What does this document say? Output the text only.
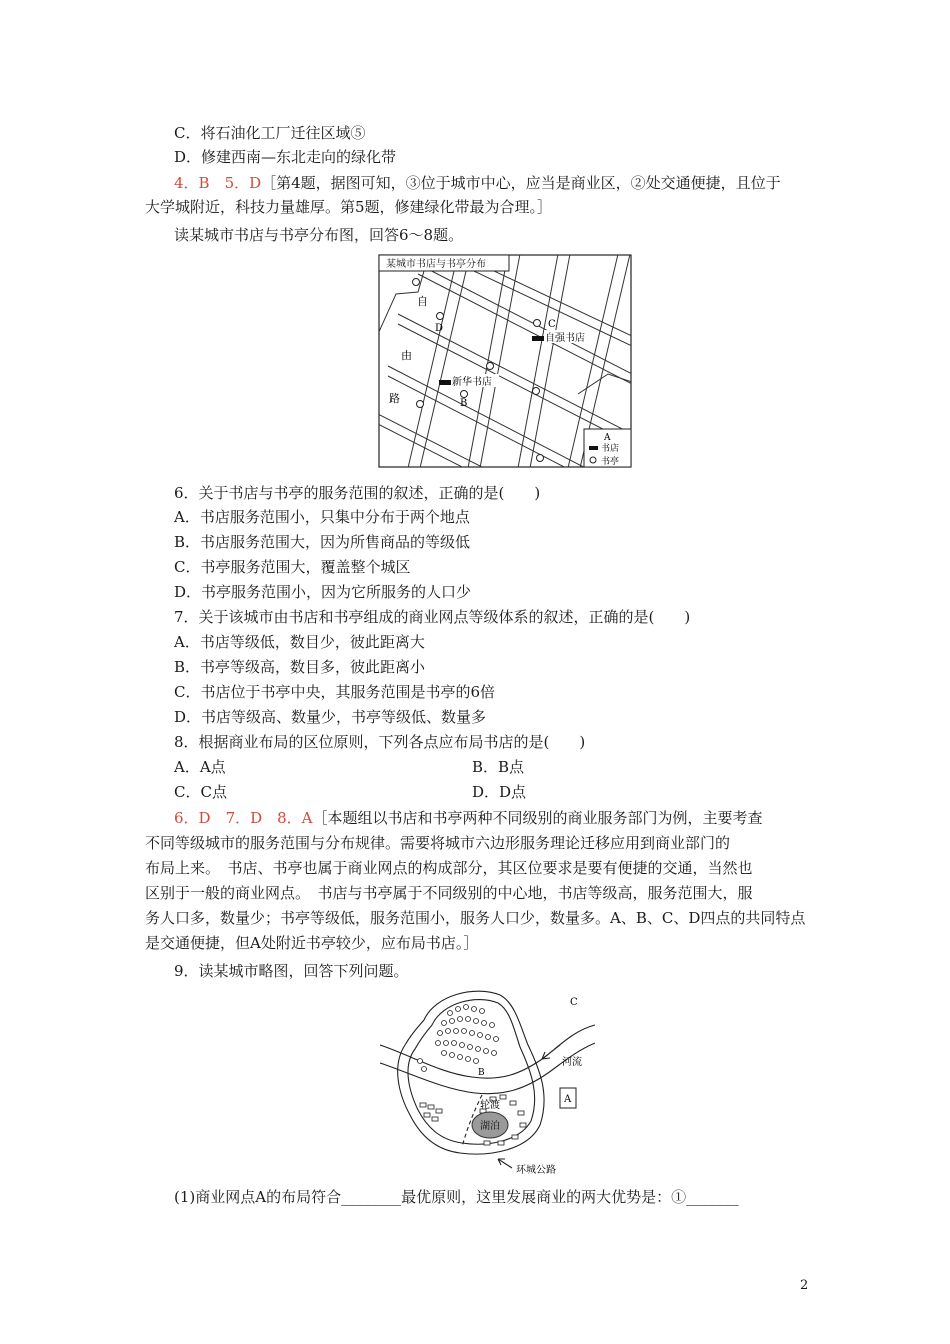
C．将石油化工厂迁往区域⑤
D．修建西南—东北走向的绿化带
4．B　5．D［第4题，据图可知，③位于城市中心，应当是商业区，②处交通便捷，且位于
大学城附近，科技力量雄厚。第5题，修建绿化带最为合理。］
读某城市书店与书亭分布图，回答6～8题。
某城市书店与书亭分布
自
由
路
D	C
B
自强书店
新华书店
A
书店
书亭
6．关于书店与书亭的服务范围的叙述，正确的是(　　)
A．书店服务范围小，只集中分布于两个地点
B．书店服务范围大，因为所售商品的等级低
C．书亭服务范围大，覆盖整个城区
D．书亭服务范围小，因为它所服务的人口少
7．关于该城市由书店和书亭组成的商业网点等级体系的叙述，正确的是(　　)
A．书店等级低，数目少，彼此距离大
B．书亭等级高，数目多，彼此距离小
C．书店位于书亭中央，其服务范围是书亭的6倍
D．书店等级高、数量少，书亭等级低、数量多
8．根据商业布局的区位原则，下列各点应布局书店的是(　　)
A．A点	B．B点
C．C点	D．D点
6．D　7．D　8．A［本题组以书店和书亭两种不同级别的商业服务部门为例，主要考查
不同等级城市的服务范围与分布规律。需要将城市六边形服务理论迁移应用到商业部门的
布局上来。　书店、书亭也属于商业网点的构成部分，其区位要求是要有便捷的交通，当然也
区别于一般的商业网点。　书店与书亭属于不同级别的中心地，书店等级高，服务范围大，服
务人口多，数量少；书亭等级低，服务范围小，服务人口少，数量多。A、B、C、D四点的共同特点
是交通便捷，但A处附近书亭较少，应布局书店。］
9．读某城市略图，回答下列问题。
湖泊
A
C
河流
B
轮渡
环城公路
(1)商业网点A的布局符合________最优原则，这里发展商业的两大优势是：①_______
2
